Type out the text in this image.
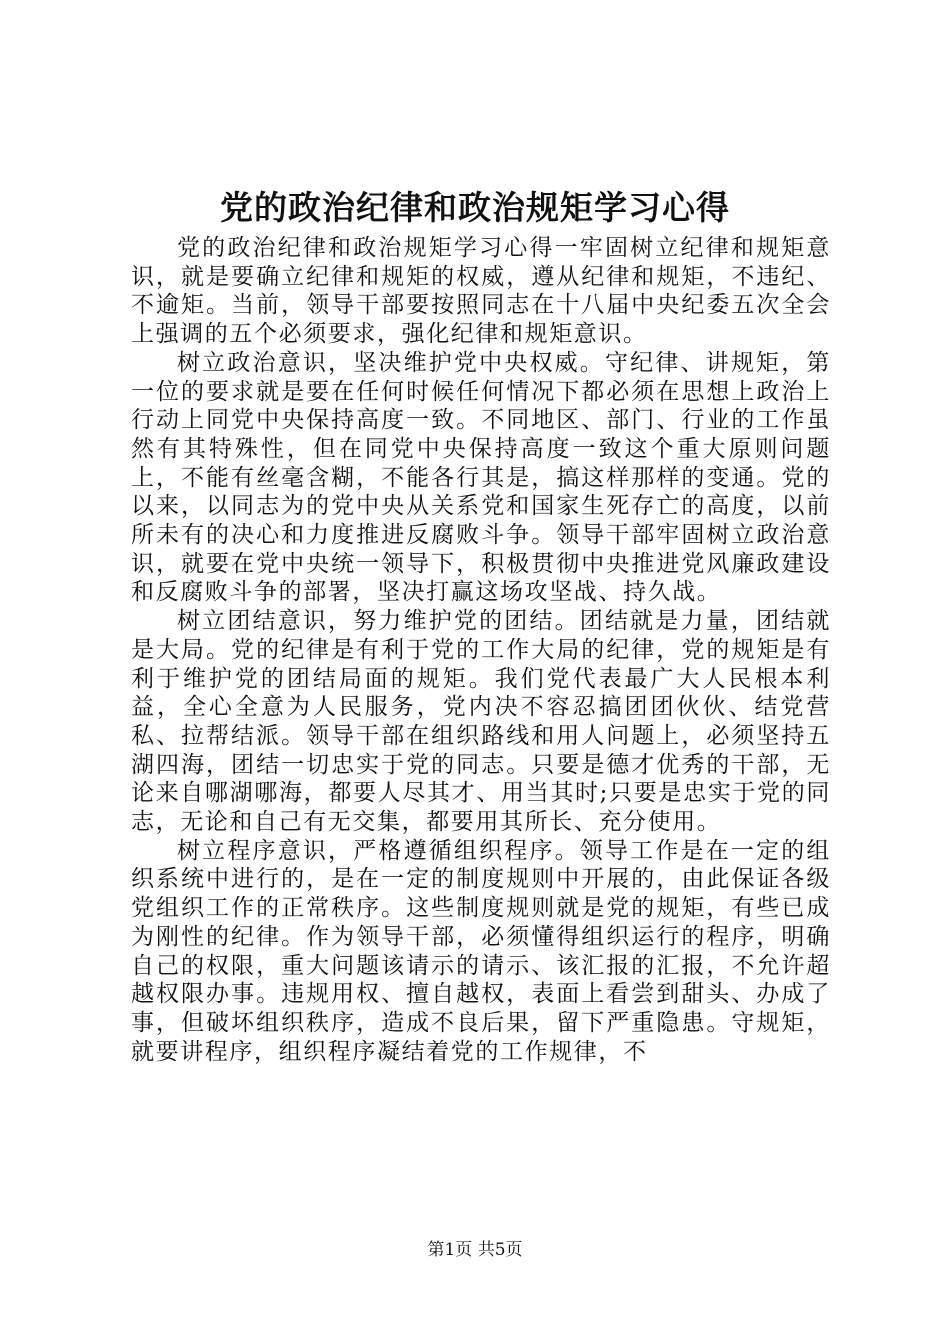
党的政治纪律和政治规矩学习心得

党的政治纪律和政治规矩学习心得一牢固树立纪律和规矩意识，就是要确立纪律和规矩的权威，遵从纪律和规矩，不违纪、不逾矩。当前，领导干部要按照同志在十八届中央纪委五次全会上强调的五个必须要求，强化纪律和规矩意识。

树立政治意识，坚决维护党中央权威。守纪律、讲规矩，第一位的要求就是要在任何时候任何情况下都必须在思想上政治上行动上同党中央保持高度一致。不同地区、部门、行业的工作虽然有其特殊性，但在同党中央保持高度一致这个重大原则问题上，不能有丝毫含糊，不能各行其是，搞这样那样的变通。党的以来，以同志为的党中央从关系党和国家生死存亡的高度，以前所未有的决心和力度推进反腐败斗争。领导干部牢固树立政治意识，就要在党中央统一领导下，积极贯彻中央推进党风廉政建设和反腐败斗争的部署，坚决打赢这场攻坚战、持久战。

树立团结意识，努力维护党的团结。团结就是力量，团结就是大局。党的纪律是有利于党的工作大局的纪律，党的规矩是有利于维护党的团结局面的规矩。我们党代表最广大人民根本利益，全心全意为人民服务，党内决不容忍搞团团伙伙、结党营私、拉帮结派。领导干部在组织路线和用人问题上，必须坚持五湖四海，团结一切忠实于党的同志。只要是德才优秀的干部，无论来自哪湖哪海，都要人尽其才、用当其时;只要是忠实于党的同志，无论和自己有无交集，都要用其所长、充分使用。

树立程序意识，严格遵循组织程序。领导工作是在一定的组织系统中进行的，是在一定的制度规则中开展的，由此保证各级党组织工作的正常秩序。这些制度规则就是党的规矩，有些已成为刚性的纪律。作为领导干部，必须懂得组织运行的程序，明确自己的权限，重大问题该请示的请示、该汇报的汇报，不允许超越权限办事。违规用权、擅自越权，表面上看尝到甜头、办成了事，但破坏组织秩序，造成不良后果，留下严重隐患。守规矩，就要讲程序，组织程序凝结着党的工作规律，不

第1页 共5页
